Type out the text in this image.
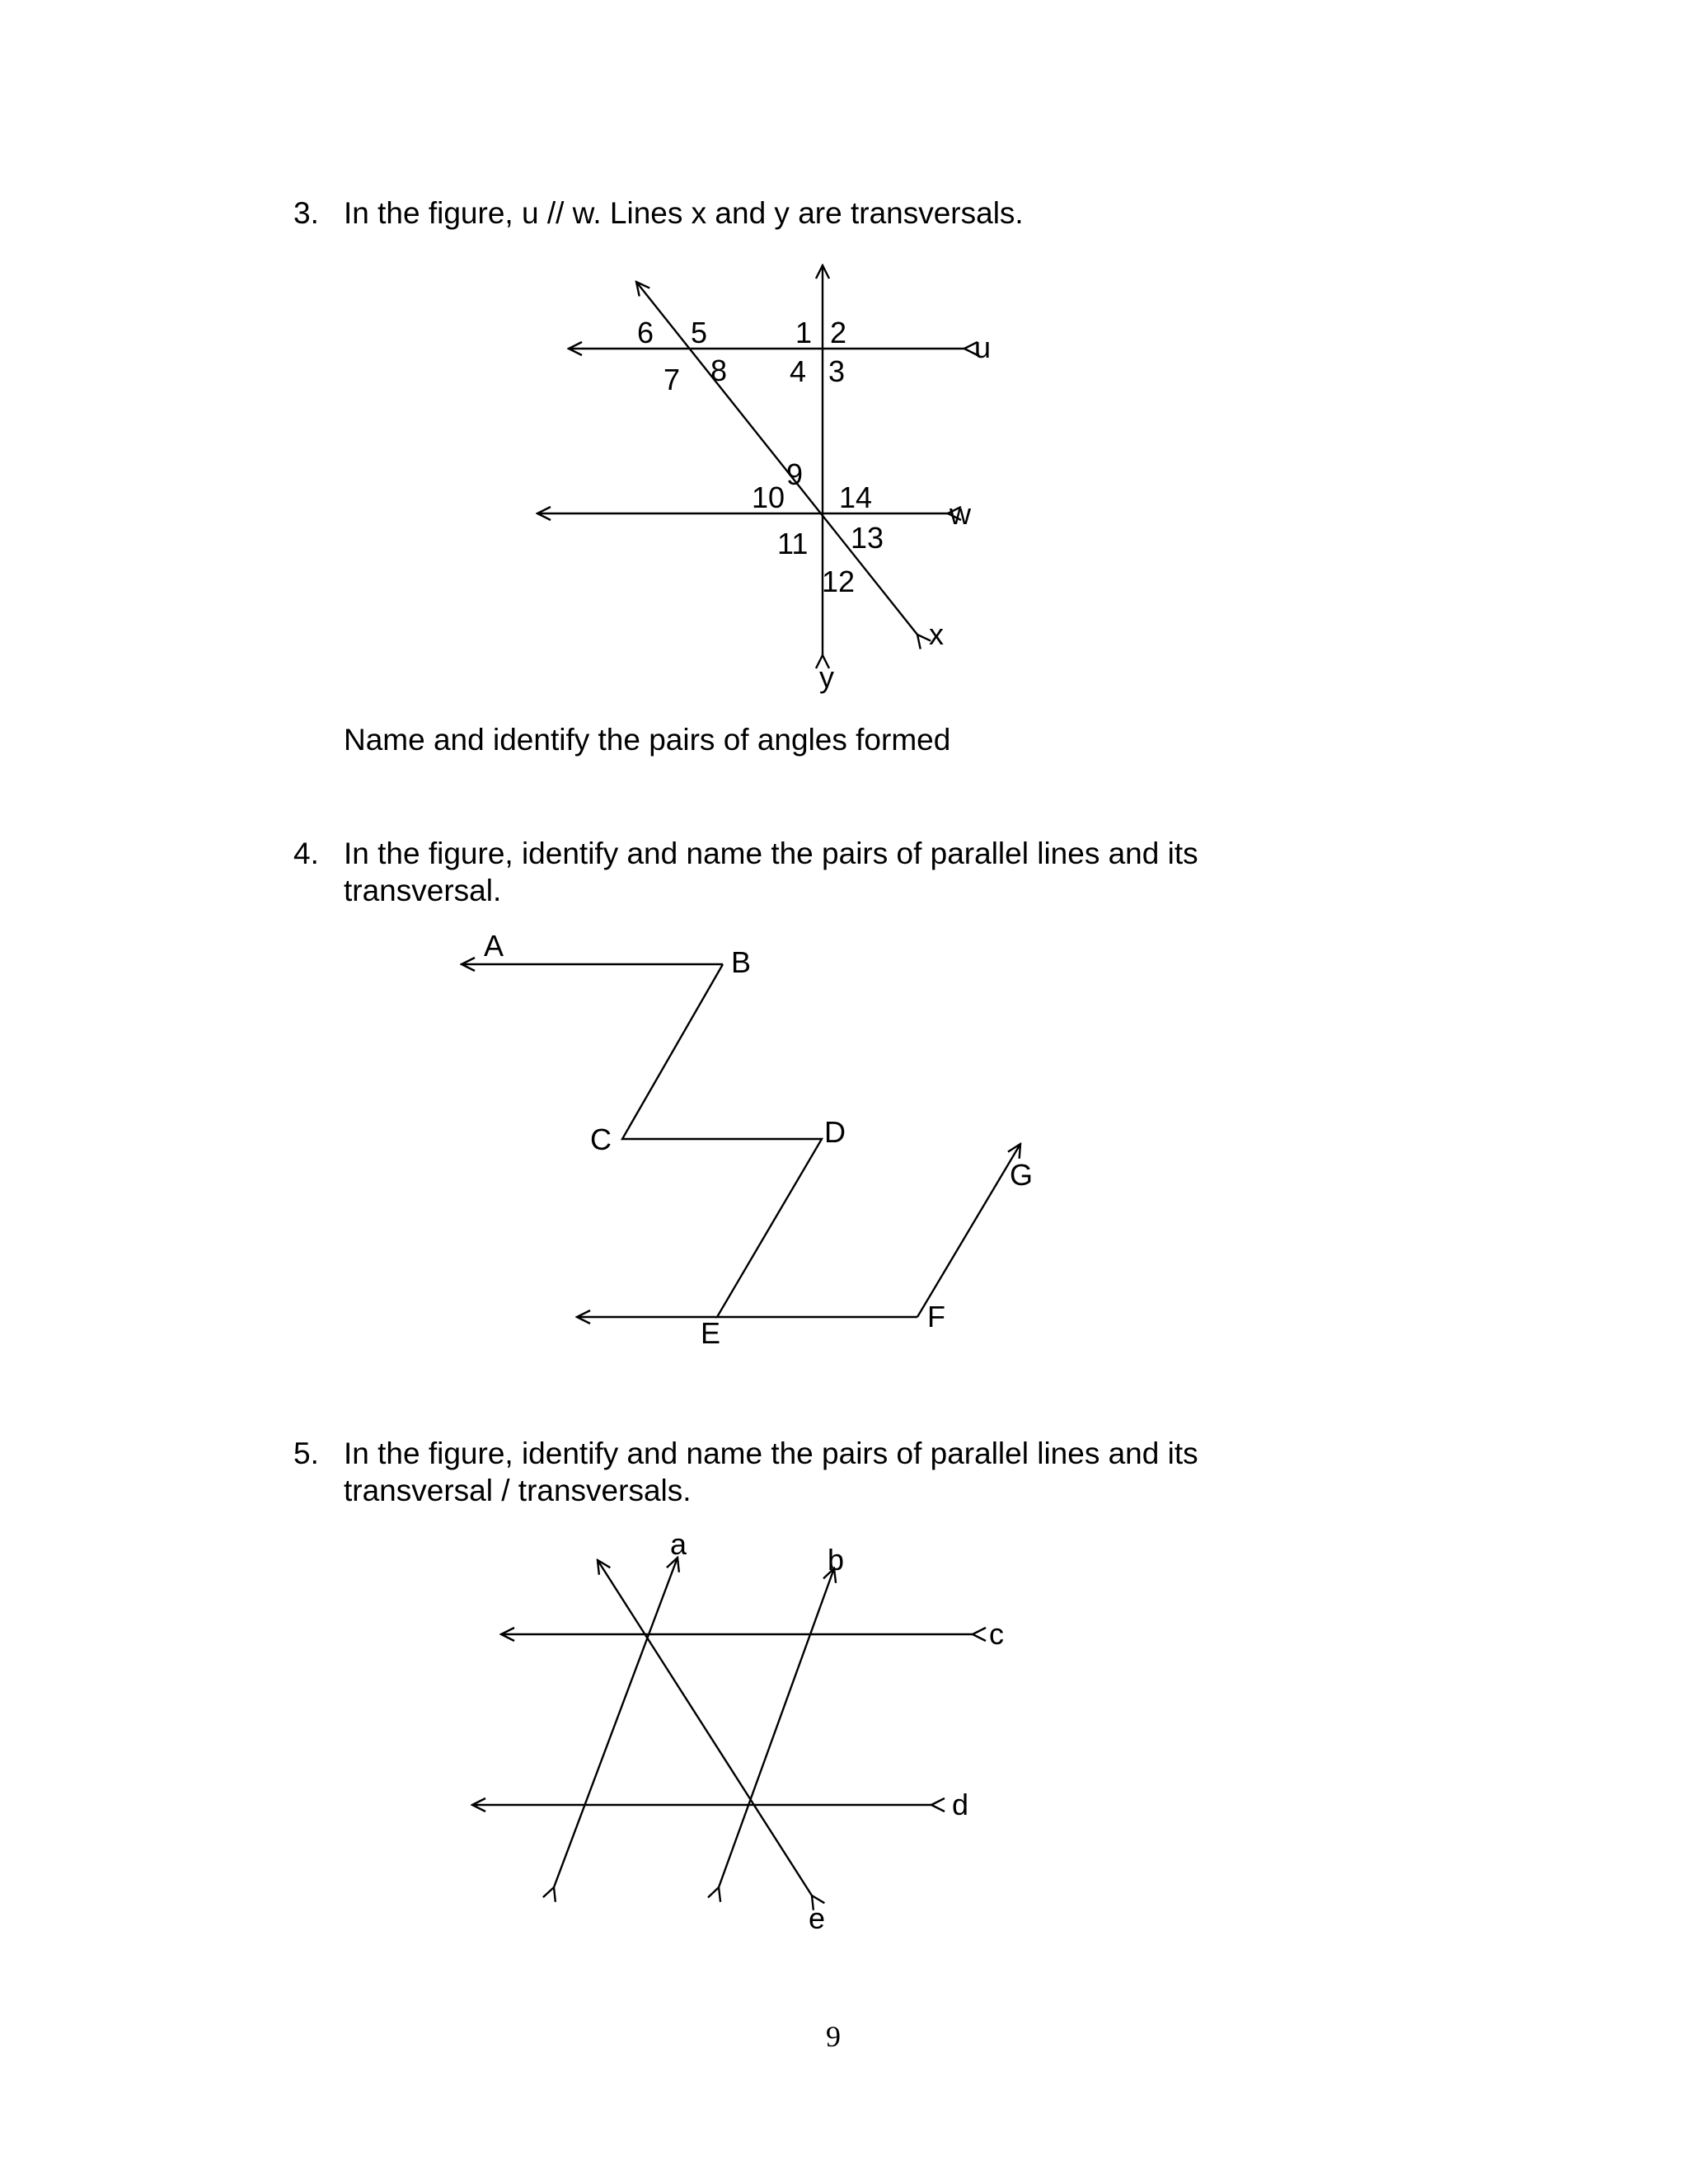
3. In the figure, u // w. Lines x and y are transversals.
u
w
x
y
1 2
3
4
5
6
7 8
9
10
11
12
13
14
Name and identify the pairs of angles formed
4. In the figure, identify and name the pairs of parallel lines and its
transversal.
A	B
C	D
E	F
G
5. In the figure, identify and name the pairs of parallel lines and its
transversal / transversals.
a	b
c
d
e
9
